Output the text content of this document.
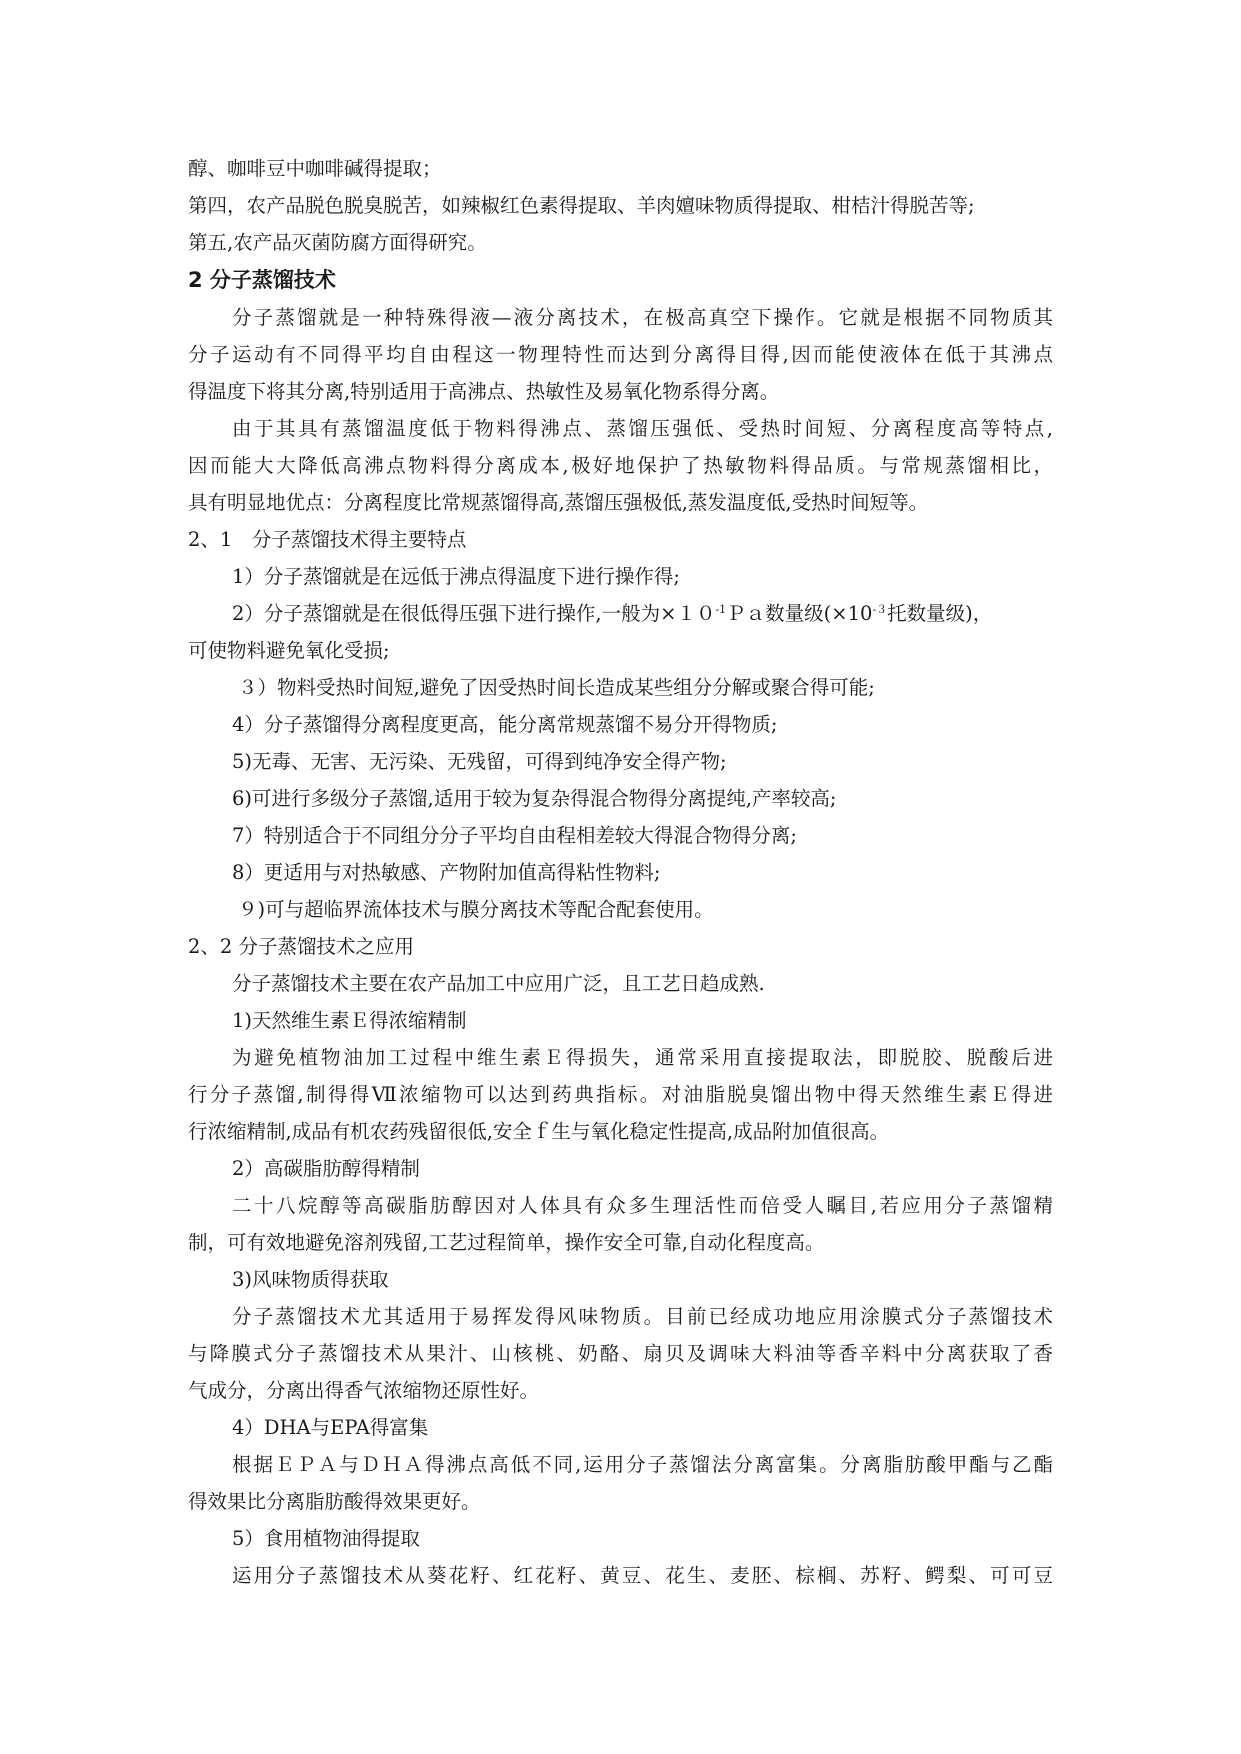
醇、咖啡豆中咖啡碱得提取；
第四，农产品脱色脱臭脱苦，如辣椒红色素得提取、羊肉嬗味物质得提取、柑桔汁得脱苦等;
第五,农产品灭菌防腐方面得研究。
2 分子蒸馏技术
分子蒸馏就是一种特殊得液—液分离技术，在极高真空下操作。它就是根据不同物质其
分子运动有不同得平均自由程这一物理特性而达到分离得目得,因而能使液体在低于其沸点
得温度下将其分离,特别适用于高沸点、热敏性及易氧化物系得分离。
由于其具有蒸馏温度低于物料得沸点、蒸馏压强低、受热时间短、分离程度高等特点,
因而能大大降低高沸点物料得分离成本,极好地保护了热敏物料得品质。与常规蒸馏相比，
具有明显地优点：分离程度比常规蒸馏得高,蒸馏压强极低,蒸发温度低,受热时间短等。
2、1　分子蒸馏技术得主要特点
1）分子蒸馏就是在远低于沸点得温度下进行操作得;
2）分子蒸馏就是在很低得压强下进行操作,一般为$\times 10^{-1}Pa$数量级($\times 10^{-3}$托数量级)，
可使物料避免氧化受损;
３）物料受热时间短,避免了因受热时间长造成某些组分分解或聚合得可能;
4）分子蒸馏得分离程度更高，能分离常规蒸馏不易分开得物质;
5)无毒、无害、无污染、无残留，可得到纯净安全得产物;
6)可进行多级分子蒸馏,适用于较为复杂得混合物得分离提纯,产率较高;
7）特别适合于不同组分分子平均自由程相差较大得混合物得分离;
8）更适用与对热敏感、产物附加值高得粘性物料;
９)可与超临界流体技术与膜分离技术等配合配套使用。
2、2 分子蒸馏技术之应用
分子蒸馏技术主要在农产品加工中应用广泛，且工艺日趋成熟.
1)天然维生素Ｅ得浓缩精制
为避免植物油加工过程中维生素Ｅ得损失，通常采用直接提取法，即脱胶、脱酸后进
行分子蒸馏,制得得Ⅶ浓缩物可以达到药典指标。对油脂脱臭馏出物中得天然维生素Ｅ得进
行浓缩精制,成品有机农药残留很低,安全ｆ生与氧化稳定性提高,成品附加值很高。
2）高碳脂肪醇得精制
二十八烷醇等高碳脂肪醇因对人体具有众多生理活性而倍受人瞩目,若应用分子蒸馏精
制，可有效地避免溶剂残留,工艺过程简单，操作安全可靠,自动化程度高。
3)风味物质得获取
分子蒸馏技术尤其适用于易挥发得风味物质。目前已经成功地应用涂膜式分子蒸馏技术
与降膜式分子蒸馏技术从果汁、山核桃、奶酪、扇贝及调味大料油等香辛料中分离获取了香
气成分，分离出得香气浓缩物还原性好。
4）DHA与EPA得富集
根据ＥＰＡ与ＤＨＡ得沸点高低不同,运用分子蒸馏法分离富集。分离脂肪酸甲酯与乙酯
得效果比分离脂肪酸得效果更好。
5）食用植物油得提取
运用分子蒸馏技术从葵花籽、红花籽、黄豆、花生、麦胚、棕榈、苏籽、鳄梨、可可豆
